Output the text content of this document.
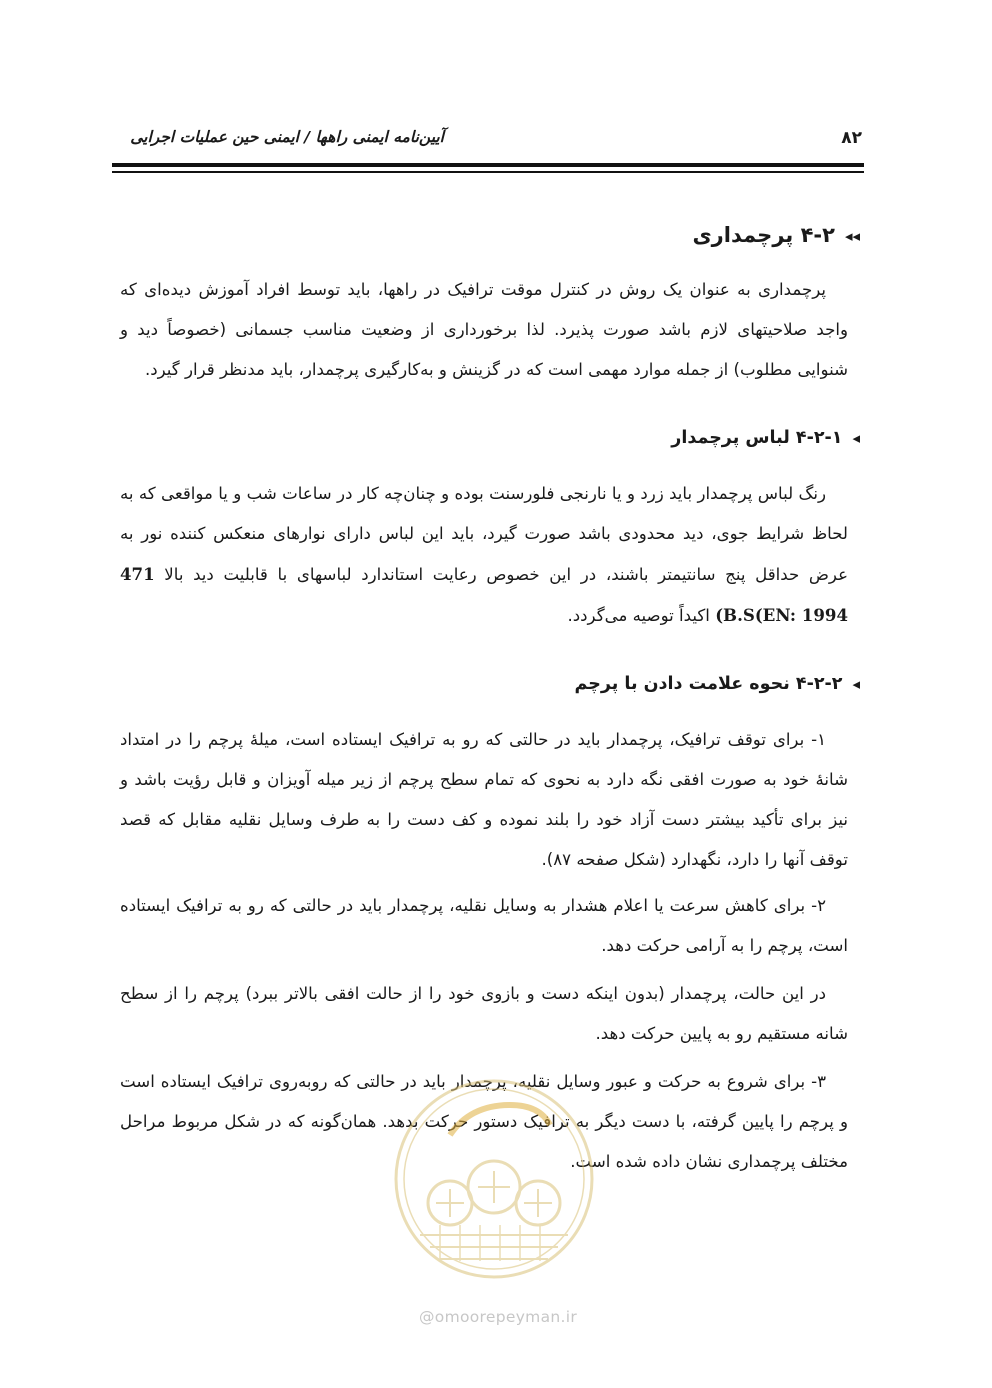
آیین‌نامه ایمنی راهها / ایمنی حین عملیات اجرایی	۸۲
◂◂۴-۲ پرچمداری

پرچمداری به عنوان یک روش در کنترل موقت ترافیک در راهها، باید توسط افراد آموزش دیده‌ای که واجد صلاحیتهای لازم باشد صورت پذیرد. لذا برخورداری از وضعیت مناسب جسمانی (خصوصاً دید و شنوایی مطلوب) از جمله موارد مهمی است که در گزینش و به‌کارگیری پرچمدار، باید مدنظر قرار گیرد.

◂۴-۲-۱ لباس پرچمدار

رنگ لباس پرچمدار باید زرد و یا نارنجی فلورسنت بوده و چنان‌چه کار در ساعات شب و یا مواقعی که به لحاظ شرایط جوی، دید محدودی باشد صورت گیرد، باید این لباس دارای نوارهای منعکس کننده نور به عرض حداقل پنج سانتیمتر باشند، در این خصوص رعایت استاندارد لباسهای با قابلیت دید بالا 471 (B.S(EN: 1994 اکیداً توصیه می‌گردد.

◂۴-۲-۲ نحوه علامت دادن با پرچم

۱- برای توقف ترافیک، پرچمدار باید در حالتی که رو به ترافیک ایستاده است، میلهٔ پرچم را در امتداد شانهٔ خود به صورت افقی نگه دارد به نحوی که تمام سطح پرچم از زیر میله آویزان و قابل رؤیت باشد و نیز برای تأکید بیشتر دست آزاد خود را بلند نموده و کف دست را به طرف وسایل نقلیه مقابل که قصد توقف آنها را دارد، نگهدارد (شکل صفحه ۸۷).

۲- برای کاهش سرعت یا اعلام هشدار به وسایل نقلیه، پرچمدار باید در حالتی که رو به ترافیک ایستاده است، پرچم را به آرامی حرکت دهد.

در این حالت، پرچمدار (بدون اینکه دست و بازوی خود را از حالت افقی بالاتر ببرد) پرچم را از سطح شانه مستقیم رو به پایین حرکت دهد.

۳- برای شروع به حرکت و عبور وسایل نقلیه، پرچمدار باید در حالتی که روبه‌روی ترافیک ایستاده است و پرچم را پایین گرفته، با دست دیگر به ترافیک دستور حرکت بدهد. همان‌گونه که در شکل مربوط مراحل مختلف پرچمداری نشان داده شده است.

@omoorepeyman.ir
